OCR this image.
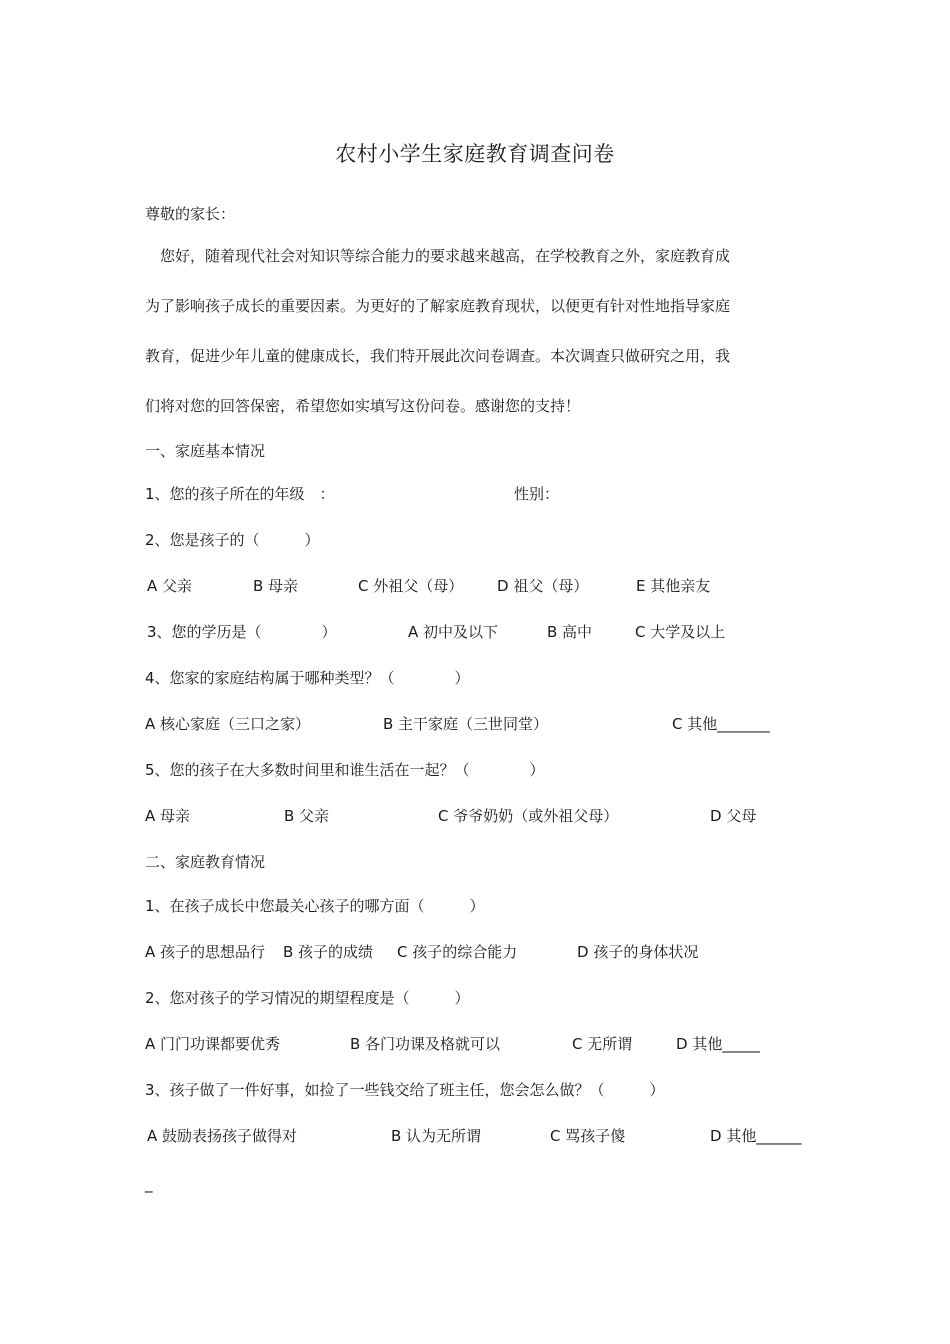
农村小学生家庭教育调查问卷
尊敬的家长：
　您好，随着现代社会对知识等综合能力的要求越来越高，在学校教育之外，家庭教育成
为了影响孩子成长的重要因素。为更好的了解家庭教育现状，以便更有针对性地指导家庭
教育，促进少年儿童的健康成长，我们特开展此次问卷调查。本次调查只做研究之用，我
们将对您的回答保密，希望您如实填写这份问卷。感谢您的支持！
一、家庭基本情况
1、您的孩子所在的年级　：	性别：
2、您是孩子的（　　　）
A 父亲	B 母亲	C 外祖父（母） D 祖父（母）	E 其他亲友
3、您的学历是（　　　　）	A 初中及以下	B 高中	C 大学及以上
4、您家的家庭结构属于哪种类型？（　　　　）
A 核心家庭（三口之家）	B 主干家庭（三世同堂）	C 其他_______
5、您的孩子在大多数时间里和谁生活在一起？（　　　　）
A 母亲	B 父亲	C 爷爷奶奶（或外祖父母）	D 父母
二、家庭教育情况
1、在孩子成长中您最关心孩子的哪方面（　　　）
A 孩子的思想品行 B 孩子的成绩 C 孩子的综合能力	D 孩子的身体状况
2、您对孩子的学习情况的期望程度是（　　　）
A 门门功课都要优秀	B 各门功课及格就可以	C 无所谓	D 其他_____
3、孩子做了一件好事，如捡了一些钱交给了班主任，您会怎么做？（　　　）
A 鼓励表扬孩子做得对	B 认为无所谓	C 骂孩子傻	D 其他______
_
